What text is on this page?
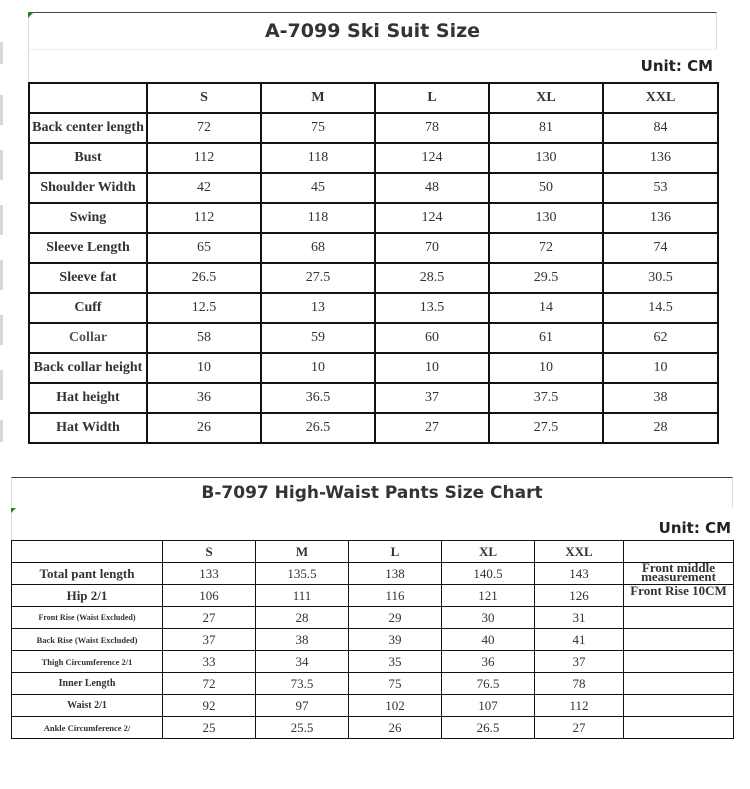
A-7099 Ski Suit Size
Unit: CM
	S	M	L	XL	XXL
Back center length	72	75	78	81	84
Bust	112	118	124	130	136
Shoulder Width	42	45	48	50	53
Swing	112	118	124	130	136
Sleeve Length	65	68	70	72	74
Sleeve fat	26.5	27.5	28.5	29.5	30.5
Cuff	12.5	13	13.5	14	14.5
Collar	58	59	60	61	62
Back collar height	10	10	10	10	10
Hat height	36	36.5	37	37.5	38
Hat Width	26	26.5	27	27.5	28
B-7097 High-Waist Pants Size Chart
Unit: CM
	S	M	L	XL	XXL	
Total pant length	133	135.5	138	140.5	143	Front middle measurement
Hip 2/1	106	111	116	121	126	Front Rise 10CM
Front Rise (Waist Excluded)	27	28	29	30	31	
Back Rise (Waist Excluded)	37	38	39	40	41	
Thigh Circumference 2/1	33	34	35	36	37	
Inner Length	72	73.5	75	76.5	78	
Waist 2/1	92	97	102	107	112	
Ankle Circumference 2/	25	25.5	26	26.5	27	
